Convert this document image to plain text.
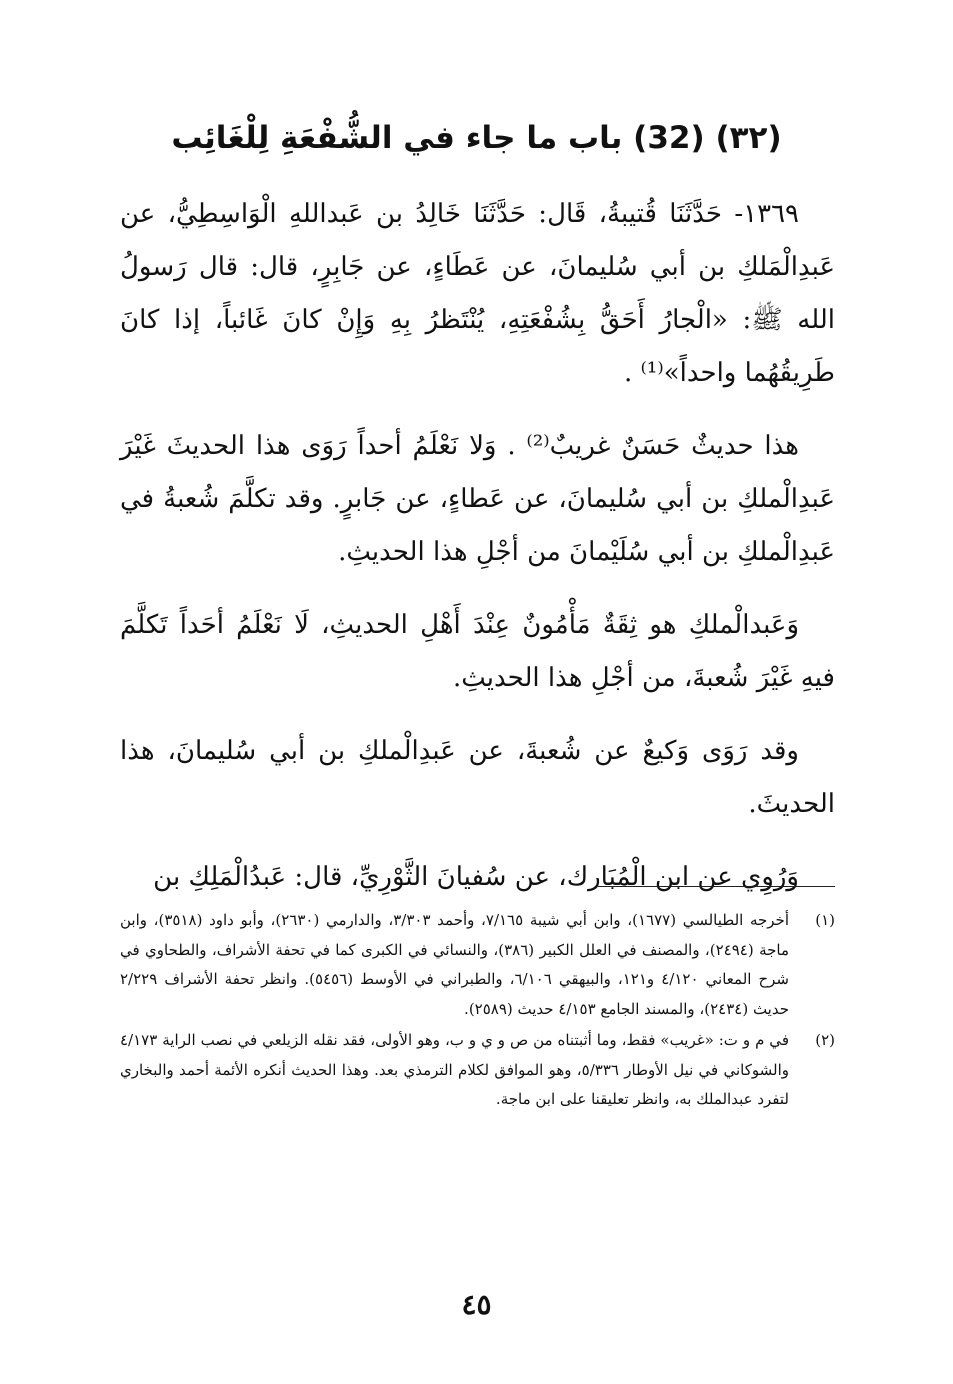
(٣٢) (32) باب ما جاء في الشُّفْعَةِ لِلْغَائِب

١٣٦٩- حَدَّثَنَا قُتيبةُ، قَال: حَدَّثَنَا خَالِدُ بن عَبداللهِ الْوَاسِطِيُّ، عن عَبدِالْمَلكِ بن أبي سُليمانَ، عن عَطَاءٍ، عن جَابِرٍ، قال: قال رَسولُ الله ﷺ: «الْجارُ أَحَقُّ بِشُفْعَتِهِ، يُنْتَظرُ بِهِ وَإِنْ كانَ غَائباً، إذا كانَ طَرِيقُهُما واحداً»⁽¹⁾ .

هذا حديثٌ حَسَنٌ غريبٌ⁽²⁾ . وَلا نَعْلَمُ أحداً رَوَى هذا الحديثَ غَيْرَ عَبدِالْملكِ بن أبي سُليمانَ، عن عَطاءٍ، عن جَابرٍ. وقد تكلَّمَ شُعبةُ في عَبدِالْملكِ بن أبي سُلَيْمانَ من أجْلِ هذا الحديثِ.

وَعَبدالْملكِ هو ثِقَةٌ مَأْمُونٌ عِنْدَ أَهْلِ الحديثِ، لَا نَعْلَمُ أحَداً تَكلَّمَ فيهِ غَيْرَ شُعبةَ، من أجْلِ هذا الحديثِ.

وقد رَوَى وَكيعٌ عن شُعبةَ، عن عَبدِالْملكِ بن أبي سُليمانَ، هذا الحديثَ.

وَرُوِي عن ابن الْمُبَارك، عن سُفيانَ الثَّوْرِيِّ، قال: عَبدُالْمَلِكِ بن

(١)
أخرجه الطيالسي (١٦٧٧)، وابن أبي شيبة ٧/١٦٥، وأحمد ٣/٣٠٣، والدارمي (٢٦٣٠)، وأبو داود (٣٥١٨)، وابن ماجة (٢٤٩٤)، والمصنف في العلل الكبير (٣٨٦)، والنسائي في الكبرى كما في تحفة الأشراف، والطحاوي في شرح المعاني ٤/١٢٠ و١٢١، والبيهقي ٦/١٠٦، والطبراني في الأوسط (٥٤٥٦). وانظر تحفة الأشراف ٢/٢٢٩ حديث (٢٤٣٤)، والمسند الجامع ٤/١٥٣ حديث (٢٥٨٩).
(٢)
في م و ت: «غريب» فقط، وما أثبتناه من ص و ي و ب، وهو الأولى، فقد نقله الزيلعي في نصب الراية ٤/١٧٣ والشوكاني في نيل الأوطار ٥/٣٣٦، وهو الموافق لكلام الترمذي بعد. وهذا الحديث أنكره الأئمة أحمد والبخاري لتفرد عبدالملك به، وانظر تعليقنا على ابن ماجة.
٤٥
